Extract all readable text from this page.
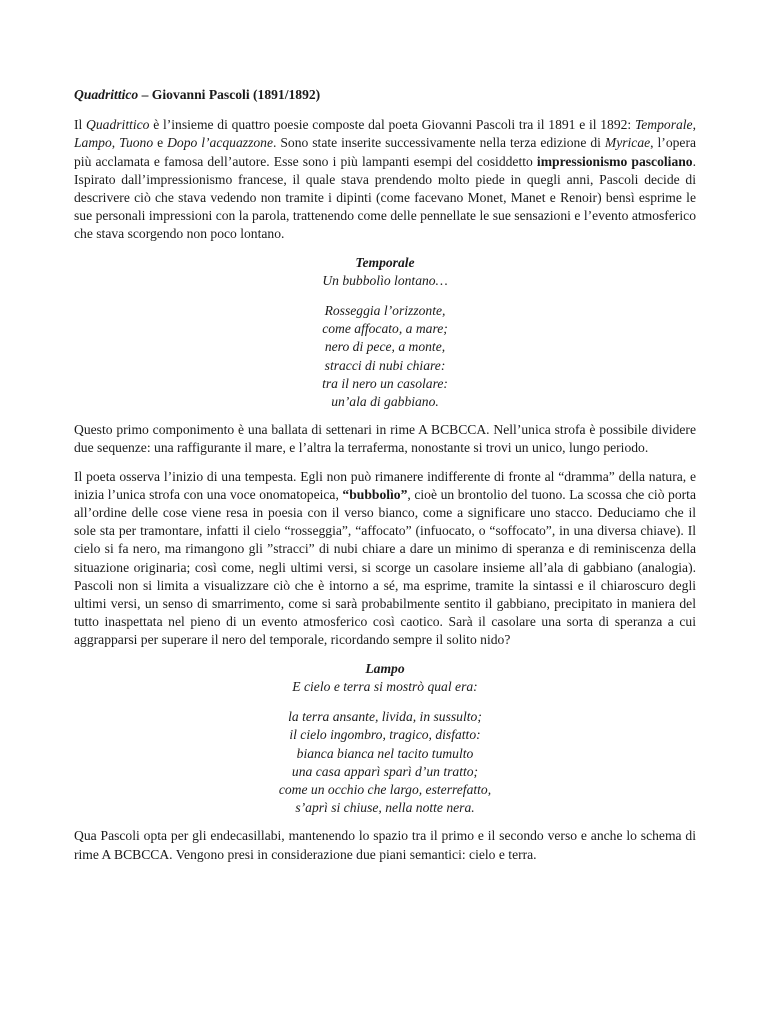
Quadrittico – Giovanni Pascoli (1891/1892)

Il Quadrittico è l’insieme di quattro poesie composte dal poeta Giovanni Pascoli tra il 1891 e il 1892: Temporale, Lampo, Tuono e Dopo l’acquazzone. Sono state inserite successivamente nella terza edizione di Myricae, l’opera più acclamata e famosa dell’autore. Esse sono i più lampanti esempi del cosiddetto impressionismo pascoliano. Ispirato dall’impressionismo francese, il quale stava prendendo molto piede in quegli anni, Pascoli decide di descrivere ciò che stava vedendo non tramite i dipinti (come facevano Monet, Manet e Renoir) bensì esprime le sue personali impressioni con la parola, trattenendo come delle pennellate le sue sensazioni e l’evento atmosferico che stava scorgendo non poco lontano.

Temporale
Un bubbolìo lontano…
Rosseggia l’orizzonte,
come affocato, a mare;
nero di pece, a monte,
stracci di nubi chiare:
tra il nero un casolare:
un’ala di gabbiano.

Questo primo componimento è una ballata di settenari in rime A BCBCCA. Nell’unica strofa è possibile dividere due sequenze: una raffigurante il mare, e l’altra la terraferma, nonostante si trovi un unico, lungo periodo.

Il poeta osserva l’inizio di una tempesta. Egli non può rimanere indifferente di fronte al “dramma” della natura, e inizia l’unica strofa con una voce onomatopeica, “bubbolìo”, cioè un brontolio del tuono. La scossa che ciò porta all’ordine delle cose viene resa in poesia con il verso bianco, come a significare uno stacco. Deduciamo che il sole sta per tramontare, infatti il cielo “rosseggia”, “affocato” (infuocato, o “soffocato”, in una diversa chiave). Il cielo si fa nero, ma rimangono gli ”stracci” di nubi chiare a dare un minimo di speranza e di reminiscenza della situazione originaria; così come, negli ultimi versi, si scorge un casolare insieme all’ala di gabbiano (analogia). Pascoli non si limita a visualizzare ciò che è intorno a sé, ma esprime, tramite la sintassi e il chiaroscuro degli ultimi versi, un senso di smarrimento, come si sarà probabilmente sentito il gabbiano, precipitato in maniera del tutto inaspettata nel pieno di un evento atmosferico così caotico. Sarà il casolare una sorta di speranza a cui aggrapparsi per superare il nero del temporale, ricordando sempre il solito nido?

Lampo
E cielo e terra si mostrò qual era:
la terra ansante, livida, in sussulto;
il cielo ingombro, tragico, disfatto:
bianca bianca nel tacito tumulto
una casa apparì sparì d’un tratto;
come un occhio che largo, esterrefatto,
s’aprì si chiuse, nella notte nera.

Qua Pascoli opta per gli endecasillabi, mantenendo lo spazio tra il primo e il secondo verso e anche lo schema di rime A BCBCCA. Vengono presi in considerazione due piani semantici: cielo e terra.
